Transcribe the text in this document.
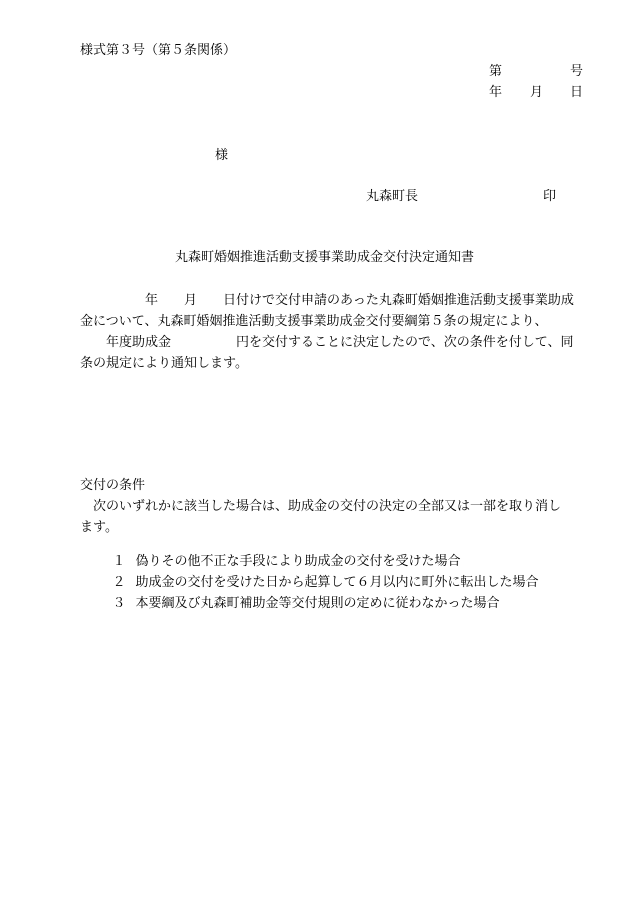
様式第３号（第５条関係）
第	号
年 月 日
様
丸森町長	印
丸森町婚姻推進活動支援事業助成金交付決定通知書
　　　　　年　　月　　日付けで交付申請のあった丸森町婚姻推進活動支援事業助成
金について、丸森町婚姻推進活動支援事業助成金交付要綱第５条の規定により、
　　年度助成金　　　　　円を交付することに決定したので、次の条件を付して、同
条の規定により通知します。
交付の条件
　次のいずれかに該当した場合は、助成金の交付の決定の全部又は一部を取り消し
ます。

１ 偽りその他不正な手段により助成金の交付を受けた場合

２ 助成金の交付を受けた日から起算して６月以内に町外に転出した場合

３ 本要綱及び丸森町補助金等交付規則の定めに従わなかった場合
